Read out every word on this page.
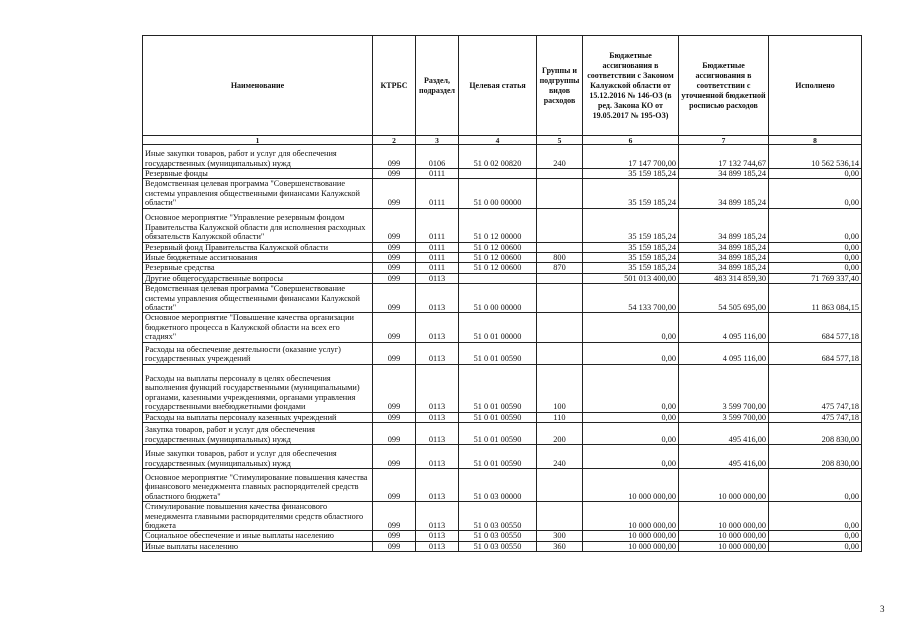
Наименование	КТРБС	Раздел, подраздел	Целевая статья	Группы и подгруппы видов расходов	Бюджетные ассигнования в соответствии с Законом Калужской области от 15.12.2016 № 146-ОЗ (в ред. Закона КО от 19.05.2017 № 195-ОЗ)	Бюджетные ассигнования в соответствии с уточненной бюджетной росписью расходов	Исполнено
1	2	3	4	5	6	7	8
Иные закупки товаров, работ и услуг для обеспечения государственных (муниципальных) нужд	099	0106	51 0 02 00820	240	17 147 700,00	17 132 744,67	10 562 536,14
Резервные фонды	099	0111			35 159 185,24	34 899 185,24	0,00
Ведомственная целевая программа "Совершенствование системы управления общественными финансами Калужской области"	099	0111	51 0 00 00000		35 159 185,24	34 899 185,24	0,00
Основное мероприятие "Управление резервным фондом Правительства Калужской области для исполнения расходных обязательств Калужской области"	099	0111	51 0 12 00000		35 159 185,24	34 899 185,24	0,00
Резервный фонд Правительства Калужской области	099	0111	51 0 12 00600		35 159 185,24	34 899 185,24	0,00
Иные бюджетные ассигнования	099	0111	51 0 12 00600	800	35 159 185,24	34 899 185,24	0,00
Резервные средства	099	0111	51 0 12 00600	870	35 159 185,24	34 899 185,24	0,00
Другие общегосударственные вопросы	099	0113			501 013 400,00	483 314 859,30	71 769 337,40
Ведомственная целевая программа "Совершенствование системы управления общественными финансами Калужской области"	099	0113	51 0 00 00000		54 133 700,00	54 505 695,00	11 863 084,15
Основное мероприятие "Повышение качества организации бюджетного процесса в Калужской области на всех его стадиях"	099	0113	51 0 01 00000		0,00	4 095 116,00	684 577,18
Расходы на обеспечение деятельности (оказание услуг) государственных учреждений	099	0113	51 0 01 00590		0,00	4 095 116,00	684 577,18
Расходы на выплаты персоналу в целях обеспечения выполнения функций государственными (муниципальными) органами, казенными учреждениями, органами управления государственными внебюджетными фондами	099	0113	51 0 01 00590	100	0,00	3 599 700,00	475 747,18
Расходы на выплаты персоналу казенных учреждений	099	0113	51 0 01 00590	110	0,00	3 599 700,00	475 747,18
Закупка товаров, работ и услуг для обеспечения государственных (муниципальных) нужд	099	0113	51 0 01 00590	200	0,00	495 416,00	208 830,00
Иные закупки товаров, работ и услуг для обеспечения государственных (муниципальных) нужд	099	0113	51 0 01 00590	240	0,00	495 416,00	208 830,00
Основное мероприятие "Стимулирование повышения качества финансового менеджмента главных распорядителей средств областного бюджета"	099	0113	51 0 03 00000		10 000 000,00	10 000 000,00	0,00
Стимулирование повышения качества финансового менеджмента главными распорядителями средств областного бюджета	099	0113	51 0 03 00550		10 000 000,00	10 000 000,00	0,00
Социальное обеспечение и иные выплаты населению	099	0113	51 0 03 00550	300	10 000 000,00	10 000 000,00	0,00
Иные выплаты населению	099	0113	51 0 03 00550	360	10 000 000,00	10 000 000,00	0,00
3
